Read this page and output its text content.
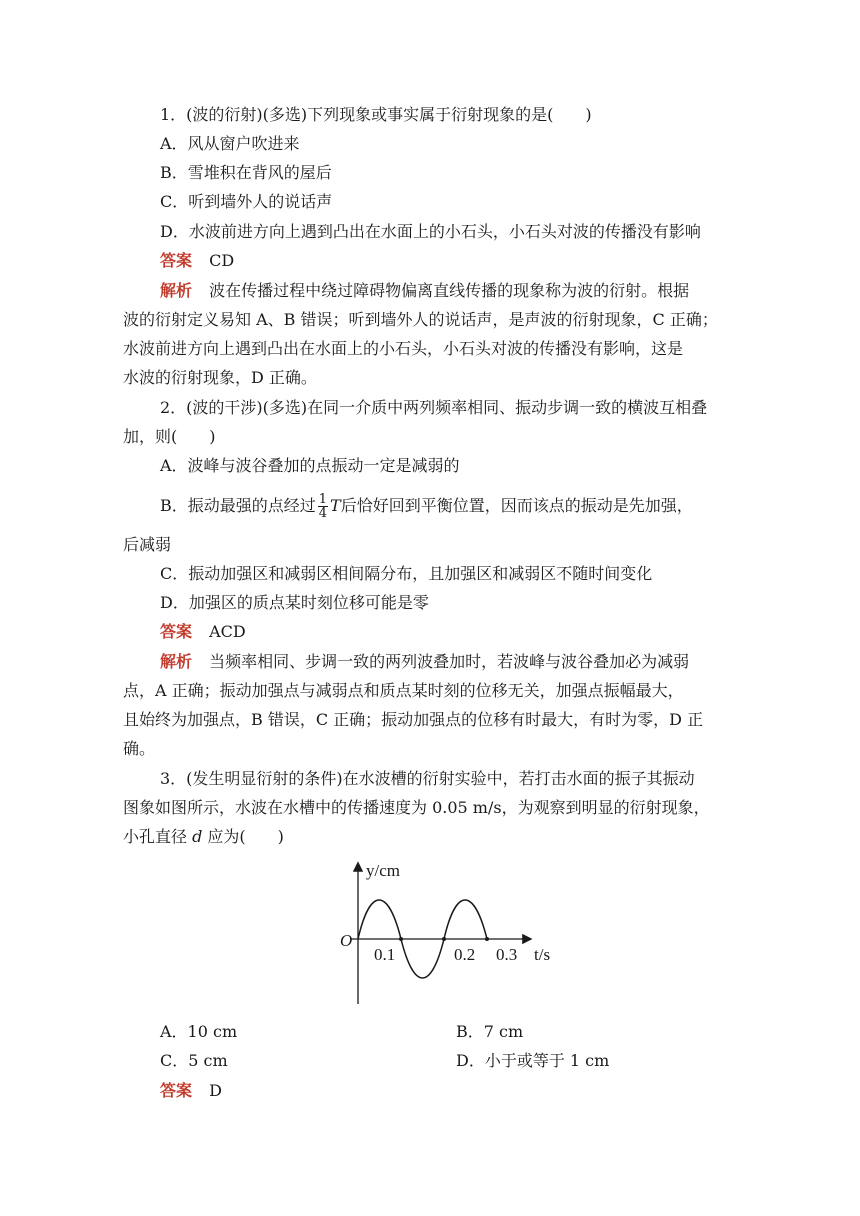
1．(波的衍射)(多选)下列现象或事实属于衍射现象的是(　　)
A．风从窗户吹进来
B．雪堆积在背风的屋后
C．听到墙外人的说话声
D．水波前进方向上遇到凸出在水面上的小石头，小石头对波的传播没有影响
答案 CD
解析 波在传播过程中绕过障碍物偏离直线传播的现象称为波的衍射。根据
波的衍射定义易知 A、B 错误；听到墙外人的说话声，是声波的衍射现象，C 正确；
水波前进方向上遇到凸出在水面上的小石头，小石头对波的传播没有影响，这是
水波的衍射现象，D 正确。
2．(波的干涉)(多选)在同一介质中两列频率相同、振动步调一致的横波互相叠
加，则(　　)
A．波峰与波谷叠加的点振动一定是减弱的
B．振动最强的点经过 $\frac{1}{4}$ T后恰好回到平衡位置，因而该点的振动是先加强，
后减弱
C．振动加强区和减弱区相间隔分布，且加强区和减弱区不随时间变化
D．加强区的质点某时刻位移可能是零
答案 ACD
解析 当频率相同、步调一致的两列波叠加时，若波峰与波谷叠加必为减弱
点，A 正确；振动加强点与减弱点和质点某时刻的位移无关，加强点振幅最大，
且始终为加强点，B 错误，C 正确；振动加强点的位移有时最大，有时为零，D 正
确。
3．(发生明显衍射的条件)在水波槽的衍射实验中，若打击水面的振子其振动
图象如图所示，水波在水槽中的传播速度为 0.05 m/s，为观察到明显的衍射现象，
小孔直径 d 应为(　　)
y/cm
O
0.1	0.2 0.3 t/s
A．10 cm	B．7 cm
C．5 cm	D．小于或等于 1 cm
答案 D
